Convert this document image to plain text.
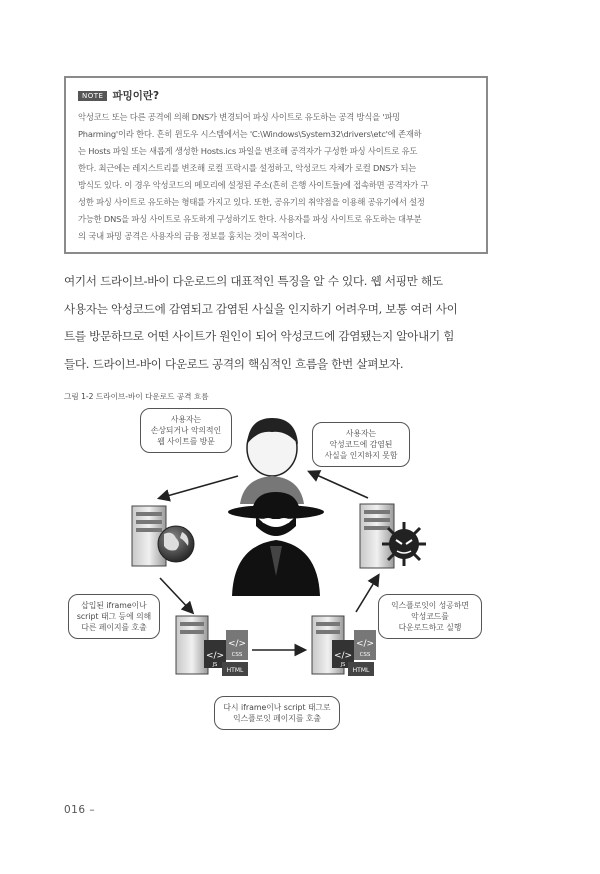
NOTE 파밍이란?
악성코드 또는 다른 공격에 의해 DNS가 변경되어 파싱 사이트로 유도하는 공격 방식을 '파밍
Pharming'이라 한다. 흔히 윈도우 시스템에서는 'C:\Windows\System32\drivers\etc'에 존재하
는 Hosts 파일 또는 새롭게 생성한 Hosts.ics 파일을 변조해 공격자가 구성한 파싱 사이트로 유도
한다. 최근에는 레지스트리를 변조해 로컬 프락시를 설정하고, 악성코드 자체가 로컬 DNS가 되는
방식도 있다. 이 경우 악성코드의 메모리에 설정된 주소(흔히 은행 사이트들)에 접속하면 공격자가 구
성한 파싱 사이트로 유도하는 형태를 가지고 있다. 또한, 공유기의 취약점을 이용해 공유기에서 설정
가능한 DNS을 파싱 사이트로 유도하게 구성하기도 한다. 사용자를 파싱 사이트로 유도하는 대부분
의 국내 파밍 공격은 사용자의 금융 정보를 훔치는 것이 목적이다.
여기서 드라이브-바이 다운로드의 대표적인 특징을 알 수 있다. 웹 서핑만 해도
사용자는 악성코드에 감염되고 감염된 사실을 인지하기 어려우며, 보통 여러 사이
트를 방문하므로 어떤 사이트가 원인이 되어 악성코드에 감염됐는지 알아내기 힘
들다. 드라이브-바이 다운로드 공격의 핵심적인 흐름을 한번 살펴보자.
그림 1-2 드라이브-바이 다운로드 공격 흐름
</>
JS
</>
CSS
HTML
</>
JS
</>
CSS
HTML
사용자는
손상되거나 악의적인
웹 사이트를 방문
사용자는
악성코드에 감염된
사실을 인지하지 못함
삽입된 iframe이나
script 태그 등에 의해
다른 페이지를 호출
익스플로잇이 성공하면
악성코드를
다운로드하고 실행
다시 iframe이나 script 태그로
익스플로잇 페이지를 호출
016 –
